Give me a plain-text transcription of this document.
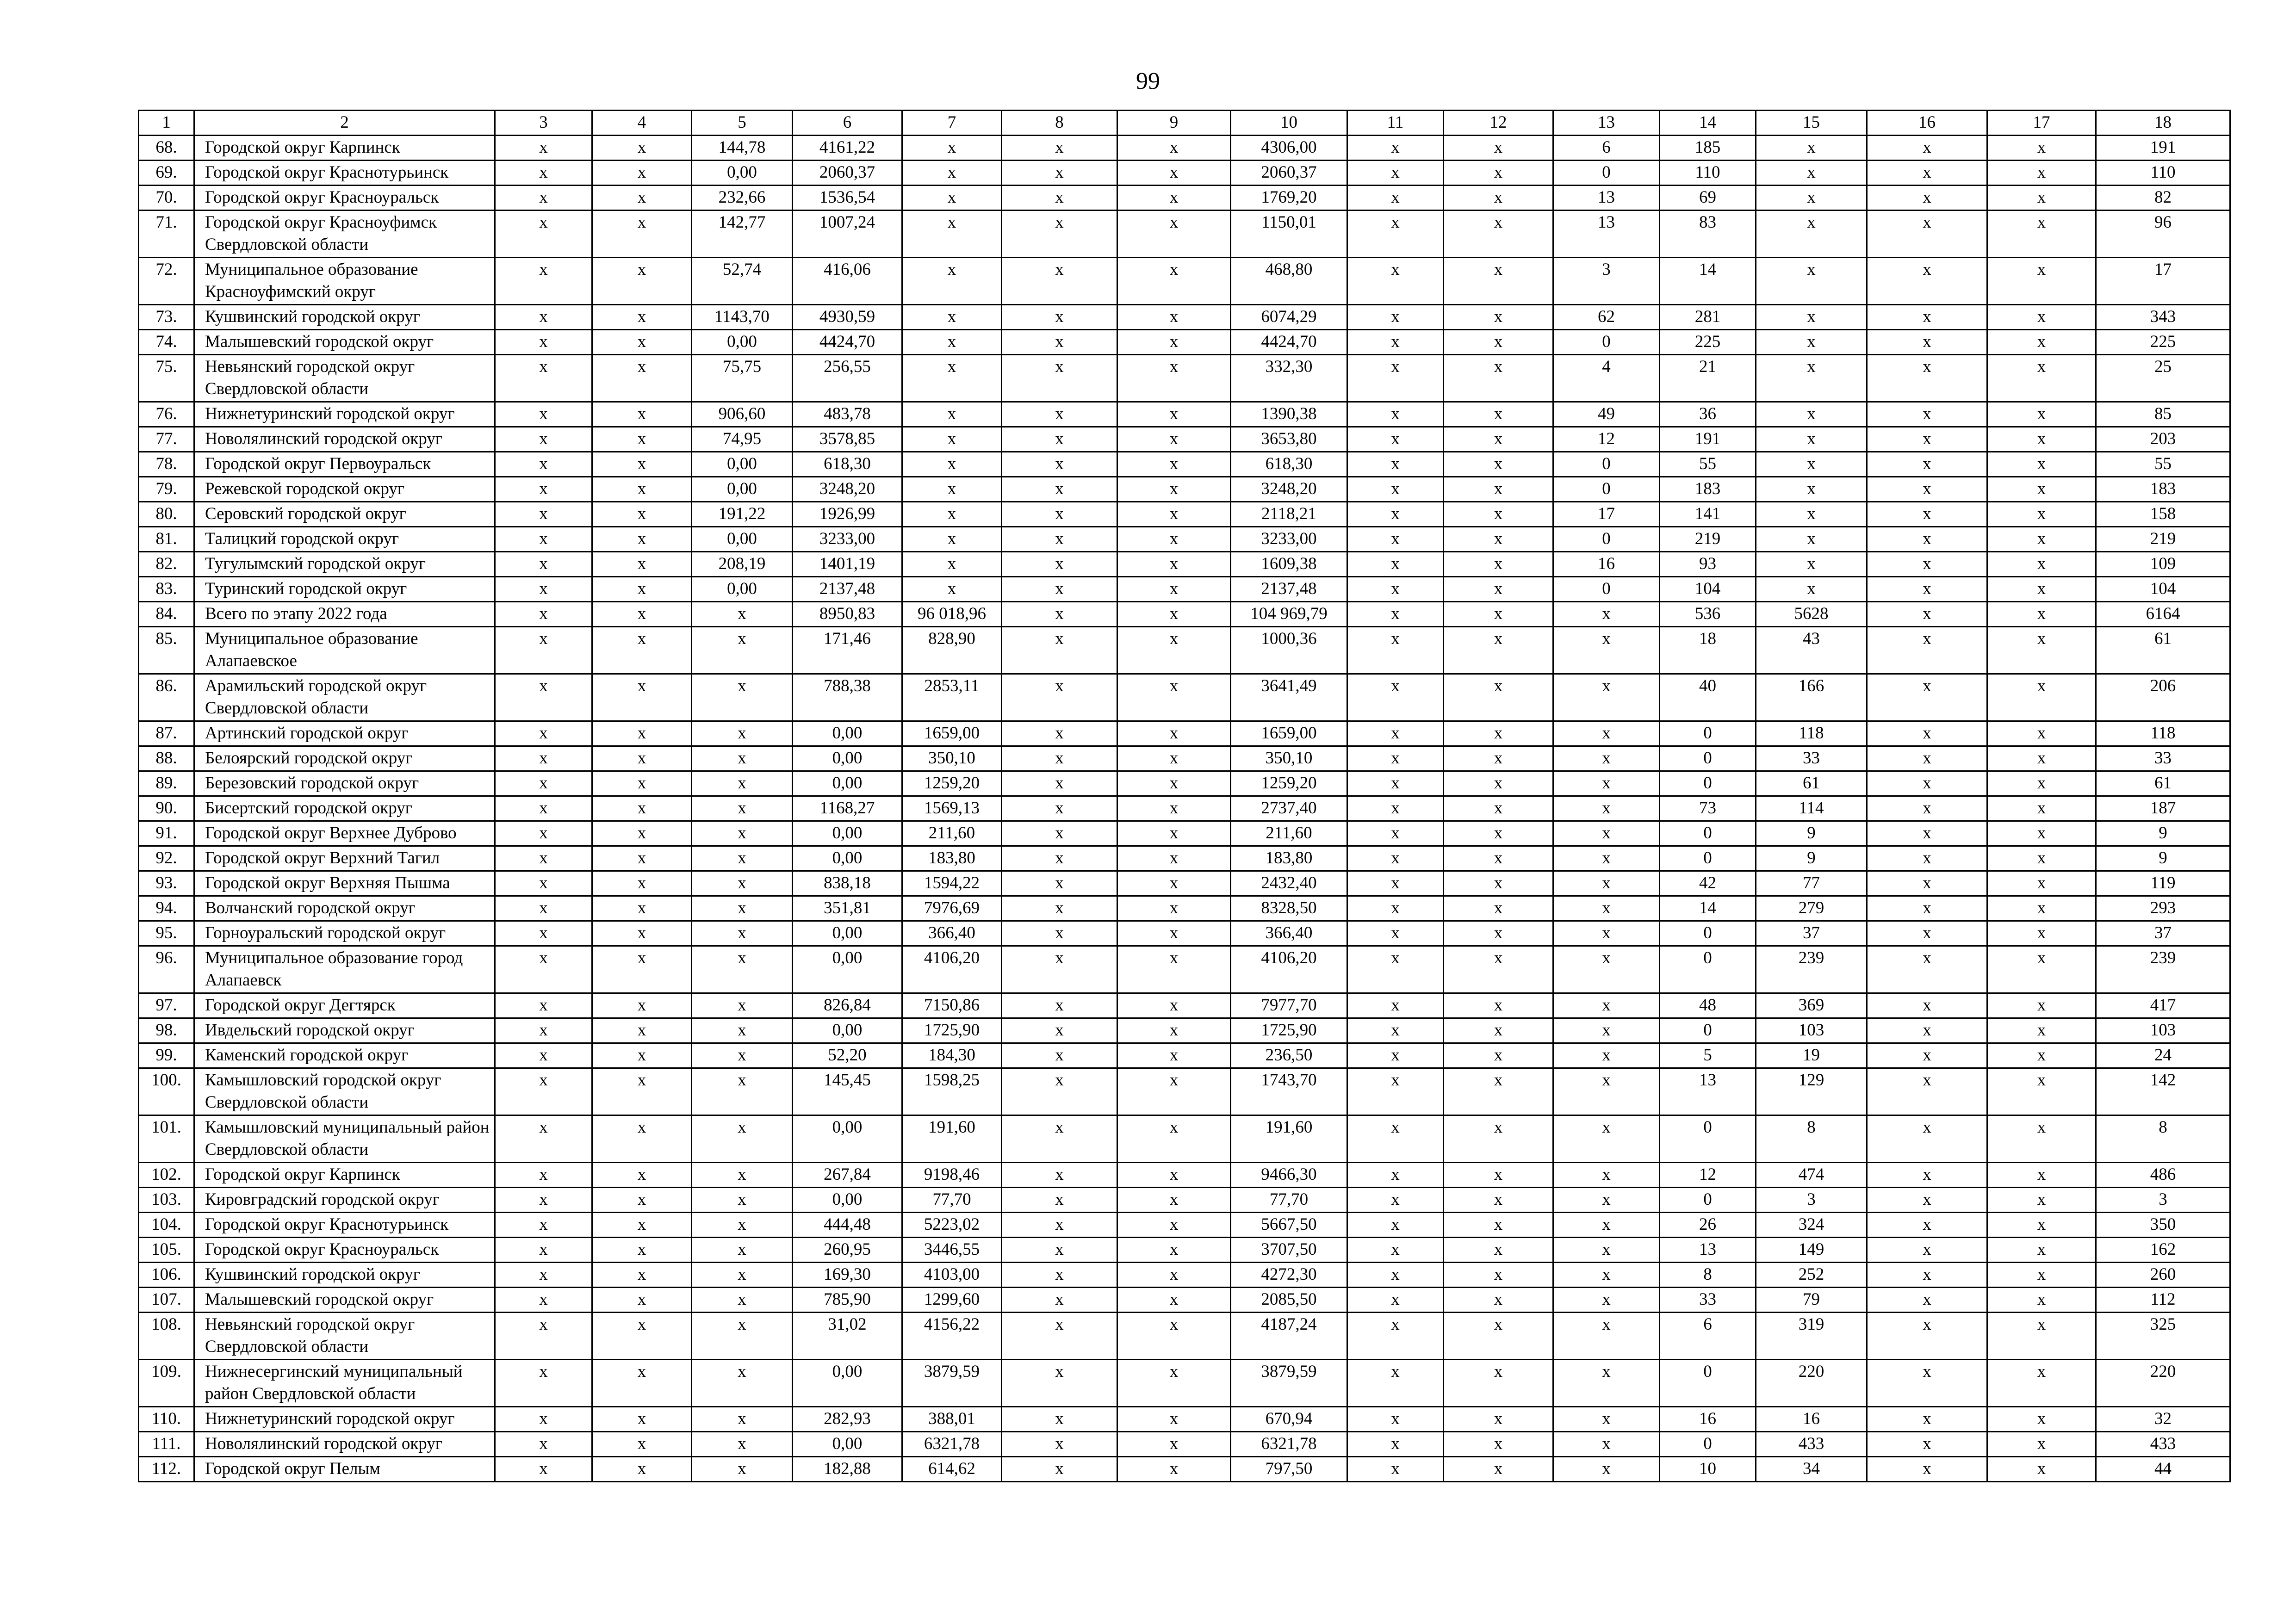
99
1	2	3	4	5	6	7	8	9	10	11	12	13	14	15	16	17	18
68.	Городской округ Карпинск	х	х	144,78	4161,22	х	х	х	4306,00	х	х	6	185	х	х	х	191
69.	Городской округ Краснотурьинск	х	х	0,00	2060,37	х	х	х	2060,37	х	х	0	110	х	х	х	110
70.	Городской округ Красноуральск	х	х	232,66	1536,54	х	х	х	1769,20	х	х	13	69	х	х	х	82
71.	Городской округ Красноуфимск Свердловской области	х	х	142,77	1007,24	х	х	х	1150,01	х	х	13	83	х	х	х	96
72.	Муниципальное образование Красноуфимский округ	х	х	52,74	416,06	х	х	х	468,80	х	х	3	14	х	х	х	17
73.	Кушвинский городской округ	х	х	1143,70	4930,59	х	х	х	6074,29	х	х	62	281	х	х	х	343
74.	Малышевский городской округ	х	х	0,00	4424,70	х	х	х	4424,70	х	х	0	225	х	х	х	225
75.	Невьянский городской округ Свердловской области	х	х	75,75	256,55	х	х	х	332,30	х	х	4	21	х	х	х	25
76.	Нижнетуринский городской округ	х	х	906,60	483,78	х	х	х	1390,38	х	х	49	36	х	х	х	85
77.	Новолялинский городской округ	х	х	74,95	3578,85	х	х	х	3653,80	х	х	12	191	х	х	х	203
78.	Городской округ Первоуральск	х	х	0,00	618,30	х	х	х	618,30	х	х	0	55	х	х	х	55
79.	Режевской городской округ	х	х	0,00	3248,20	х	х	х	3248,20	х	х	0	183	х	х	х	183
80.	Серовский городской округ	х	х	191,22	1926,99	х	х	х	2118,21	х	х	17	141	х	х	х	158
81.	Талицкий городской округ	х	х	0,00	3233,00	х	х	х	3233,00	х	х	0	219	х	х	х	219
82.	Тугулымский городской округ	х	х	208,19	1401,19	х	х	х	1609,38	х	х	16	93	х	х	х	109
83.	Туринский городской округ	х	х	0,00	2137,48	х	х	х	2137,48	х	х	0	104	х	х	х	104
84.	Всего по этапу 2022 года	х	х	х	8950,83	96 018,96	х	х	104 969,79	х	х	х	536	5628	х	х	6164
85.	Муниципальное образование Алапаевское	х	х	х	171,46	828,90	х	х	1000,36	х	х	х	18	43	х	х	61
86.	Арамильский городской округ Свердловской области	х	х	х	788,38	2853,11	х	х	3641,49	х	х	х	40	166	х	х	206
87.	Артинский городской округ	х	х	х	0,00	1659,00	х	х	1659,00	х	х	х	0	118	х	х	118
88.	Белоярский городской округ	х	х	х	0,00	350,10	х	х	350,10	х	х	х	0	33	х	х	33
89.	Березовский городской округ	х	х	х	0,00	1259,20	х	х	1259,20	х	х	х	0	61	х	х	61
90.	Бисертский городской округ	х	х	х	1168,27	1569,13	х	х	2737,40	х	х	х	73	114	х	х	187
91.	Городской округ Верхнее Дуброво	х	х	х	0,00	211,60	х	х	211,60	х	х	х	0	9	х	х	9
92.	Городской округ Верхний Тагил	х	х	х	0,00	183,80	х	х	183,80	х	х	х	0	9	х	х	9
93.	Городской округ Верхняя Пышма	х	х	х	838,18	1594,22	х	х	2432,40	х	х	х	42	77	х	х	119
94.	Волчанский городской округ	х	х	х	351,81	7976,69	х	х	8328,50	х	х	х	14	279	х	х	293
95.	Горноуральский городской округ	х	х	х	0,00	366,40	х	х	366,40	х	х	х	0	37	х	х	37
96.	Муниципальное образование город Алапаевск	х	х	х	0,00	4106,20	х	х	4106,20	х	х	х	0	239	х	х	239
97.	Городской округ Дегтярск	х	х	х	826,84	7150,86	х	х	7977,70	х	х	х	48	369	х	х	417
98.	Ивдельский городской округ	х	х	х	0,00	1725,90	х	х	1725,90	х	х	х	0	103	х	х	103
99.	Каменский городской округ	х	х	х	52,20	184,30	х	х	236,50	х	х	х	5	19	х	х	24
100.	Камышловский городской округ Свердловской области	х	х	х	145,45	1598,25	х	х	1743,70	х	х	х	13	129	х	х	142
101.	Камышловский муниципальный район Свердловской области	х	х	х	0,00	191,60	х	х	191,60	х	х	х	0	8	х	х	8
102.	Городской округ Карпинск	х	х	х	267,84	9198,46	х	х	9466,30	х	х	х	12	474	х	х	486
103.	Кировградский городской округ	х	х	х	0,00	77,70	х	х	77,70	х	х	х	0	3	х	х	3
104.	Городской округ Краснотурьинск	х	х	х	444,48	5223,02	х	х	5667,50	х	х	х	26	324	х	х	350
105.	Городской округ Красноуральск	х	х	х	260,95	3446,55	х	х	3707,50	х	х	х	13	149	х	х	162
106.	Кушвинский городской округ	х	х	х	169,30	4103,00	х	х	4272,30	х	х	х	8	252	х	х	260
107.	Малышевский городской округ	х	х	х	785,90	1299,60	х	х	2085,50	х	х	х	33	79	х	х	112
108.	Невьянский городской округ Свердловской области	х	х	х	31,02	4156,22	х	х	4187,24	х	х	х	6	319	х	х	325
109.	Нижнесергинский муниципальный район Свердловской области	х	х	х	0,00	3879,59	х	х	3879,59	х	х	х	0	220	х	х	220
110.	Нижнетуринский городской округ	х	х	х	282,93	388,01	х	х	670,94	х	х	х	16	16	х	х	32
111.	Новолялинский городской округ	х	х	х	0,00	6321,78	х	х	6321,78	х	х	х	0	433	х	х	433
112.	Городской округ Пелым	х	х	х	182,88	614,62	х	х	797,50	х	х	х	10	34	х	х	44
